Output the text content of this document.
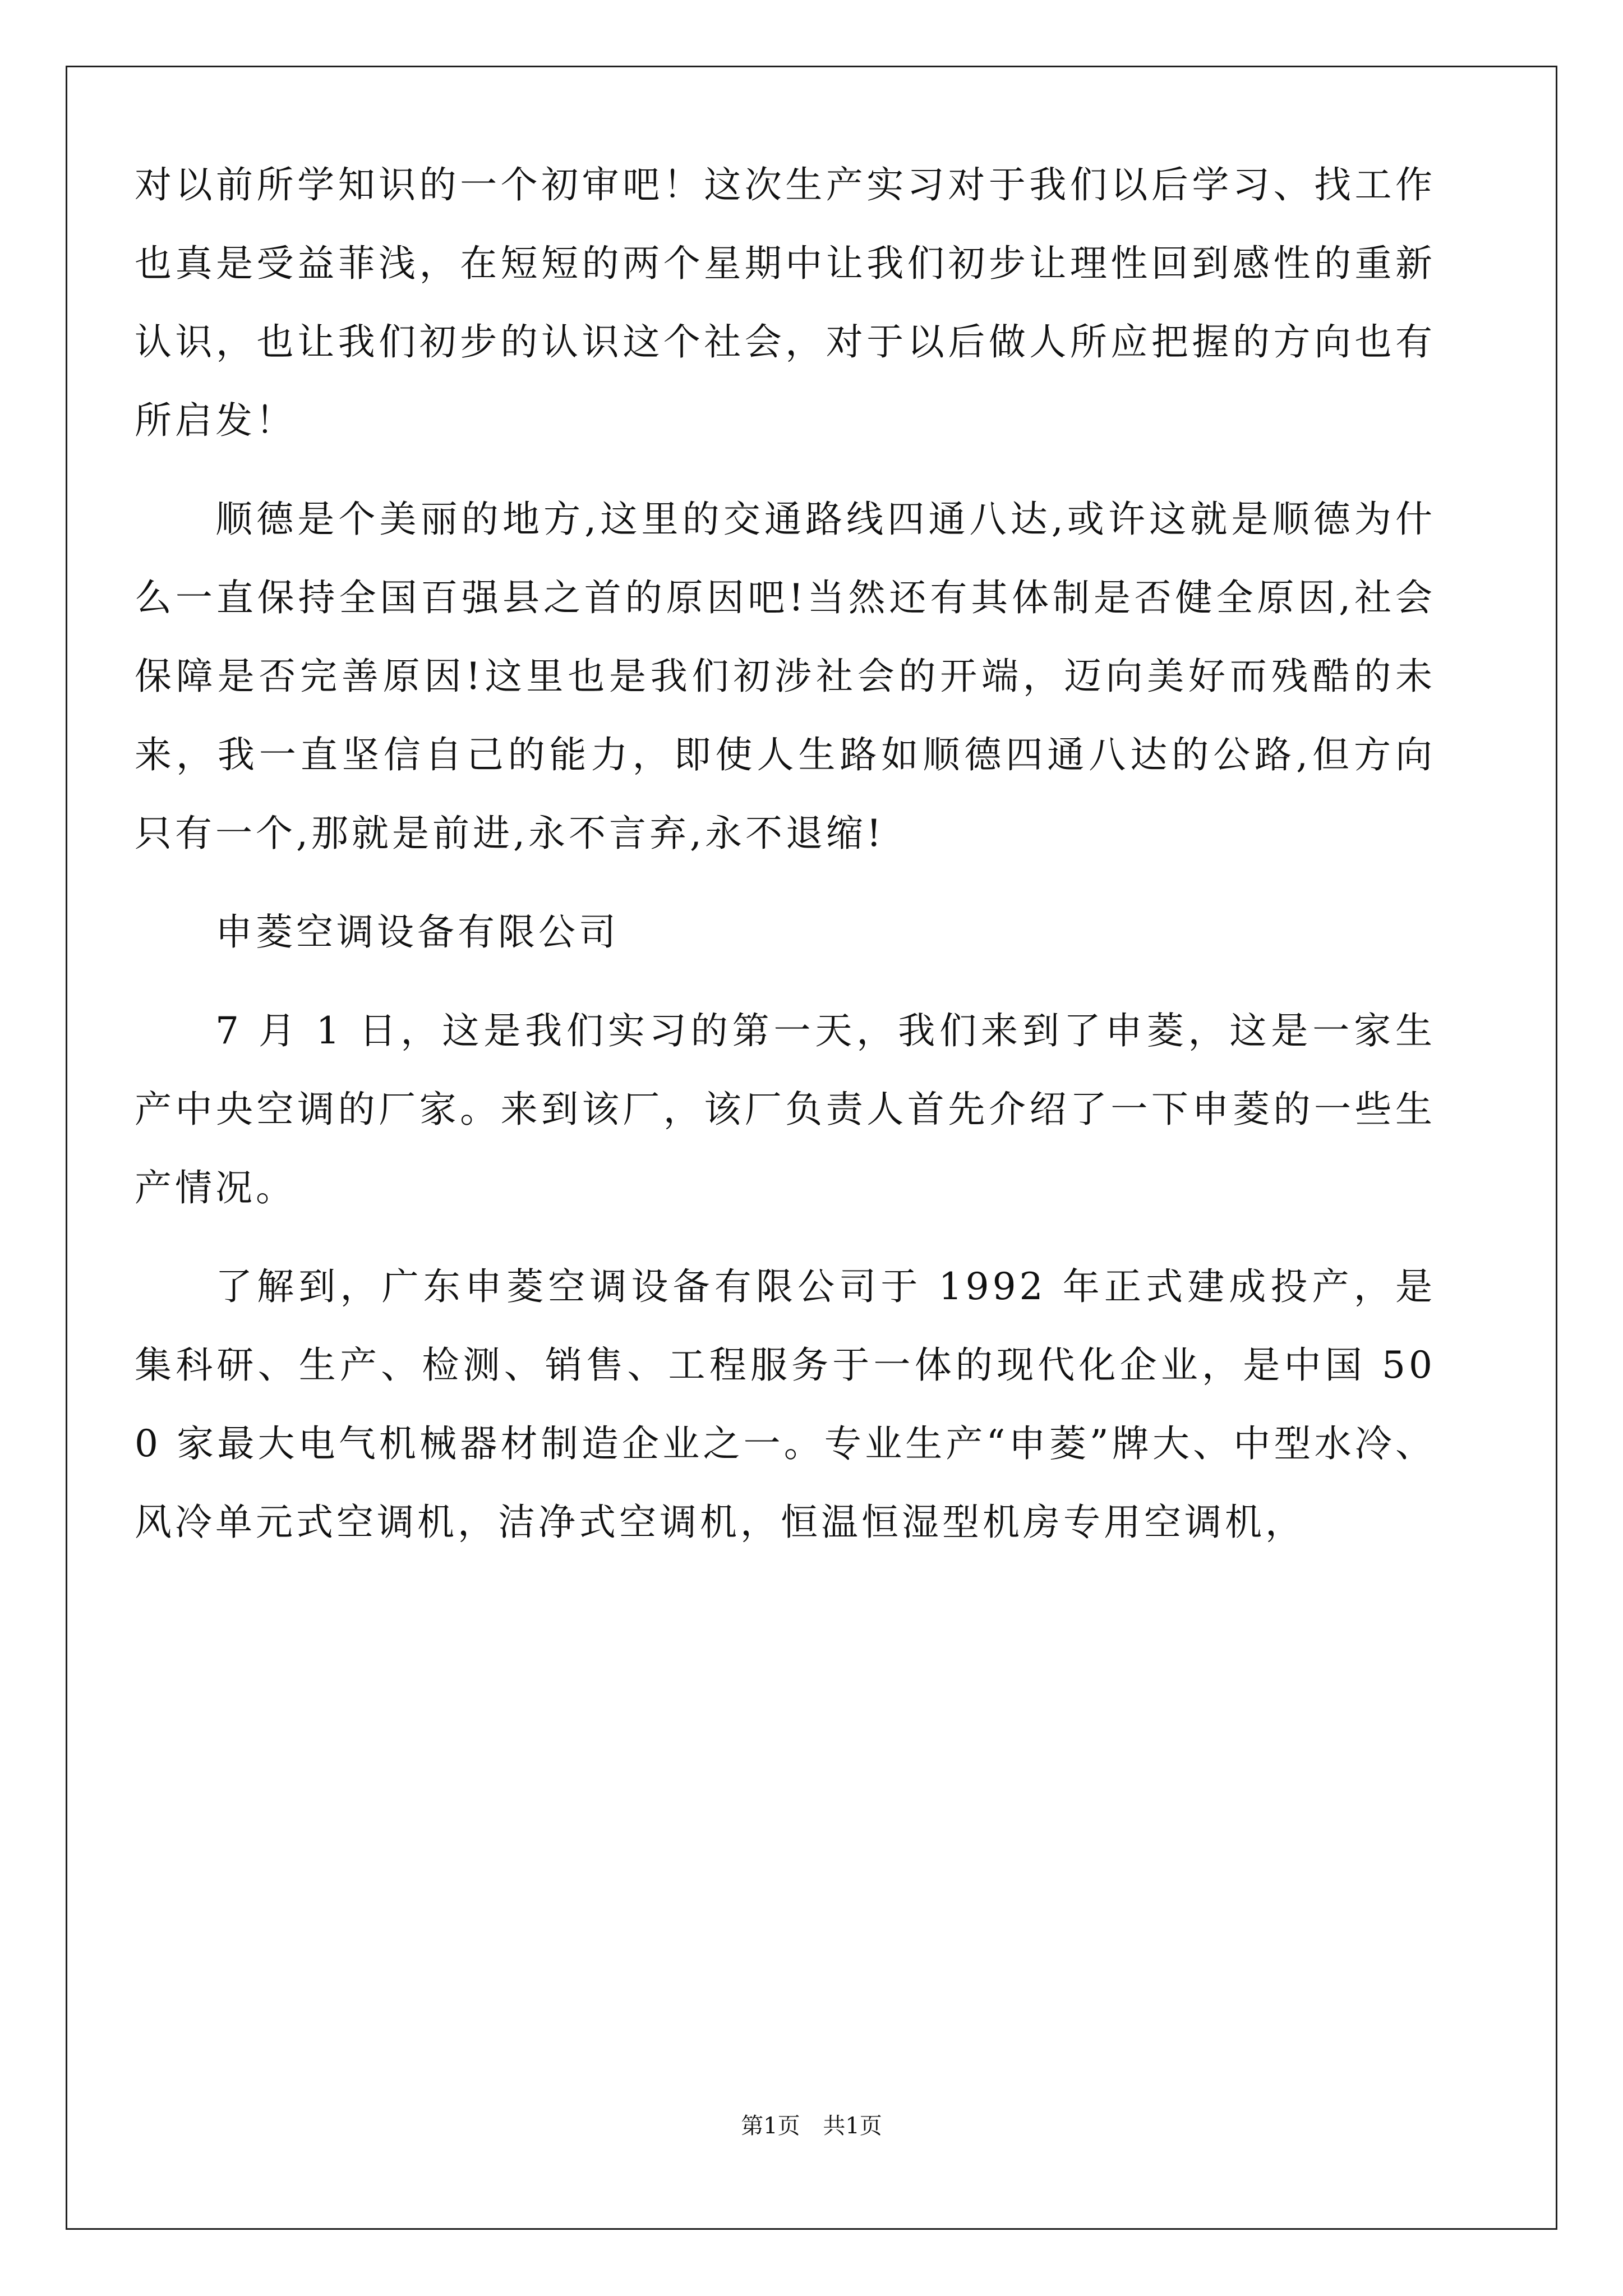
对以前所学知识的一个初审吧！这次生产实习对于我们以后学习、找工作也真是受益菲浅，在短短的两个星期中让我们初步让理性回到感性的重新认识，也让我们初步的认识这个社会，对于以后做人所应把握的方向也有所启发！

顺德是个美丽的地方,这里的交通路线四通八达,或许这就是顺德为什么一直保持全国百强县之首的原因吧!当然还有其体制是否健全原因,社会保障是否完善原因!这里也是我们初涉社会的开端，迈向美好而残酷的未来，我一直坚信自己的能力，即使人生路如顺德四通八达的公路,但方向只有一个,那就是前进,永不言弃,永不退缩!

申菱空调设备有限公司

7 月 1 日，这是我们实习的第一天，我们来到了申菱，这是一家生产中央空调的厂家。来到该厂，该厂负责人首先介绍了一下申菱的一些生产情况。

了解到，广东申菱空调设备有限公司于 1992 年正式建成投产，是集科研、生产、检测、销售、工程服务于一体的现代化企业，是中国 500 家最大电气机械器材制造企业之一。专业生产“申菱”牌大、中型水冷、风冷单元式空调机，洁净式空调机，恒温恒湿型机房专用空调机，

第1页 共1页
